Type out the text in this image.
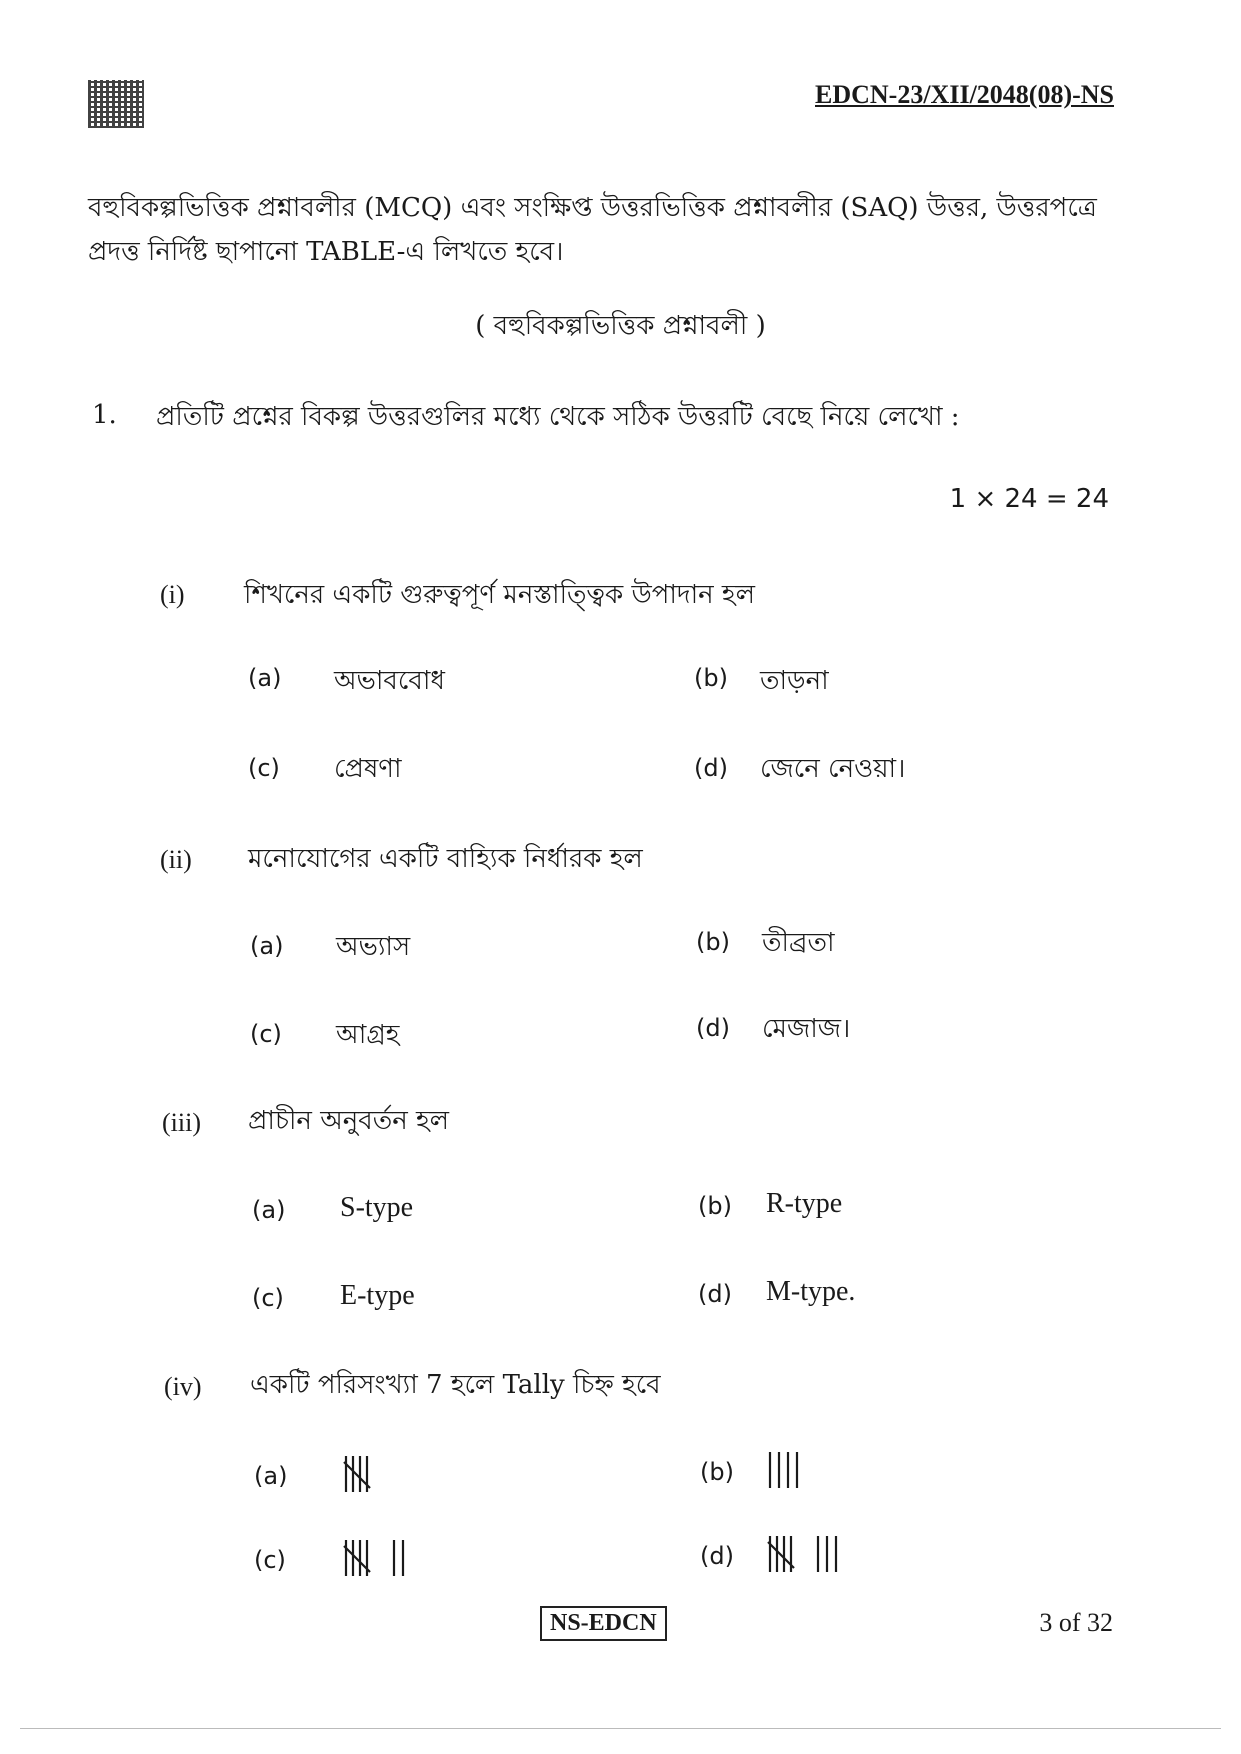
EDCN-23/XII/2048(08)-NS
বহুবিকল্পভিত্তিক প্রশ্নাবলীর (MCQ) এবং সংক্ষিপ্ত উত্তরভিত্তিক প্রশ্নাবলীর (SAQ) উত্তর, উত্তরপত্রে প্রদত্ত নির্দিষ্ট ছাপানো TABLE-এ লিখতে হবে।
( বহুবিকল্পভিত্তিক প্রশ্নাবলী )
1. প্রতিটি প্রশ্নের বিকল্প উত্তরগুলির মধ্যে থেকে সঠিক উত্তরটি বেছে নিয়ে লেখো :
1 × 24 = 24
(i) শিখনের একটি গুরুত্বপূর্ণ মনস্তাত্ত্বিক উপাদান হল
(a) অভাববোধ	(b) তাড়না
(c) প্রেষণা	(d) জেনে নেওয়া।
(ii) মনোযোগের একটি বাহ্যিক নির্ধারক হল
(a) অভ্যাস	(b) তীব্রতা
(c) আগ্রহ	(d) মেজাজ।
(iii) প্রাচীন অনুবর্তন হল
(a) S-type	(b) R-type
(c) E-type	(d) M-type.
(iv) একটি পরিসংখ্যা 7 হলে Tally চিহ্ন হবে
(a)	(b)
(c)	(d)
NS-EDCN	3 of 32
